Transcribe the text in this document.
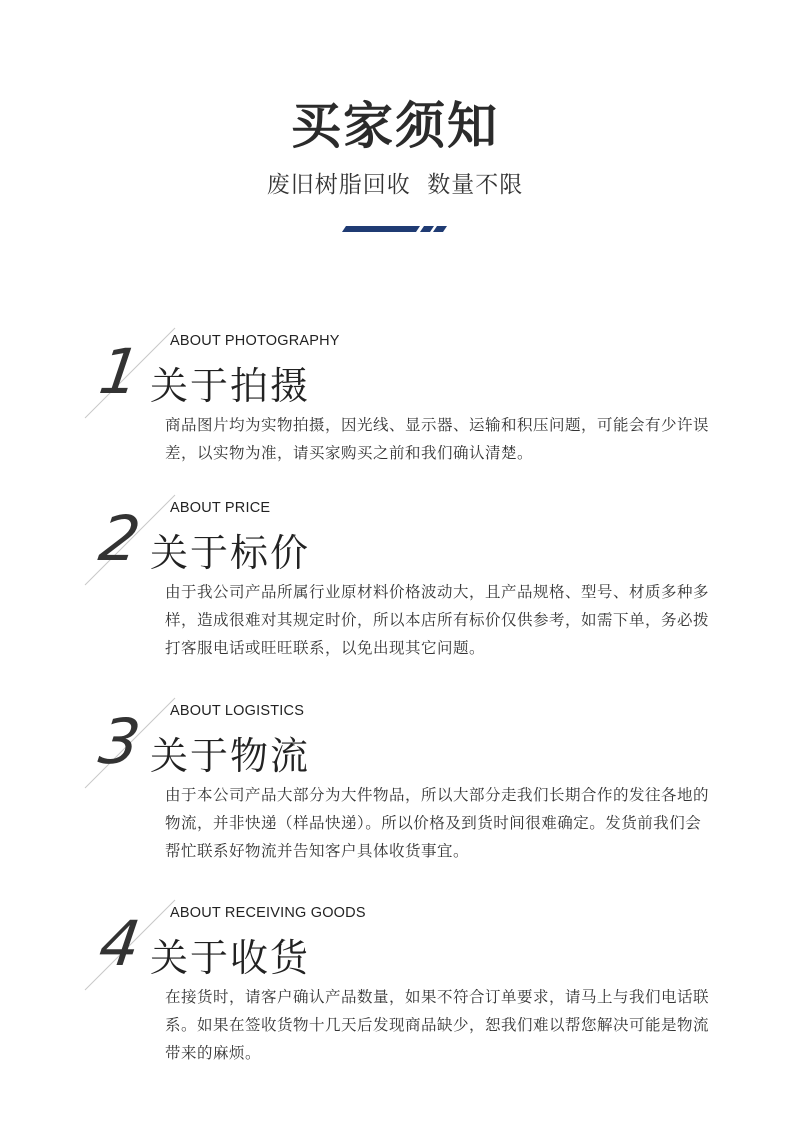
买家须知
废旧树脂回收  数量不限
1 ABOUT PHOTOGRAPHY
关于拍摄
商品图片均为实物拍摄，因光线、显示器、运输和积压问题，可能会有少许误差，以实物为准，请买家购买之前和我们确认清楚。
2 ABOUT PRICE
关于标价
由于我公司产品所属行业原材料价格波动大，且产品规格、型号、材质多种多样，造成很难对其规定时价，所以本店所有标价仅供参考，如需下单，务必拨打客服电话或旺旺联系，以免出现其它问题。
3 ABOUT LOGISTICS
关于物流
由于本公司产品大部分为大件物品，所以大部分走我们长期合作的发往各地的物流，并非快递（样品快递）。所以价格及到货时间很难确定。发货前我们会帮忙联系好物流并告知客户具体收货事宜。
4 ABOUT RECEIVING GOODS
关于收货
在接货时，请客户确认产品数量，如果不符合订单要求，请马上与我们电话联系。如果在签收货物十几天后发现商品缺少，恕我们难以帮您解决可能是物流带来的麻烦。
